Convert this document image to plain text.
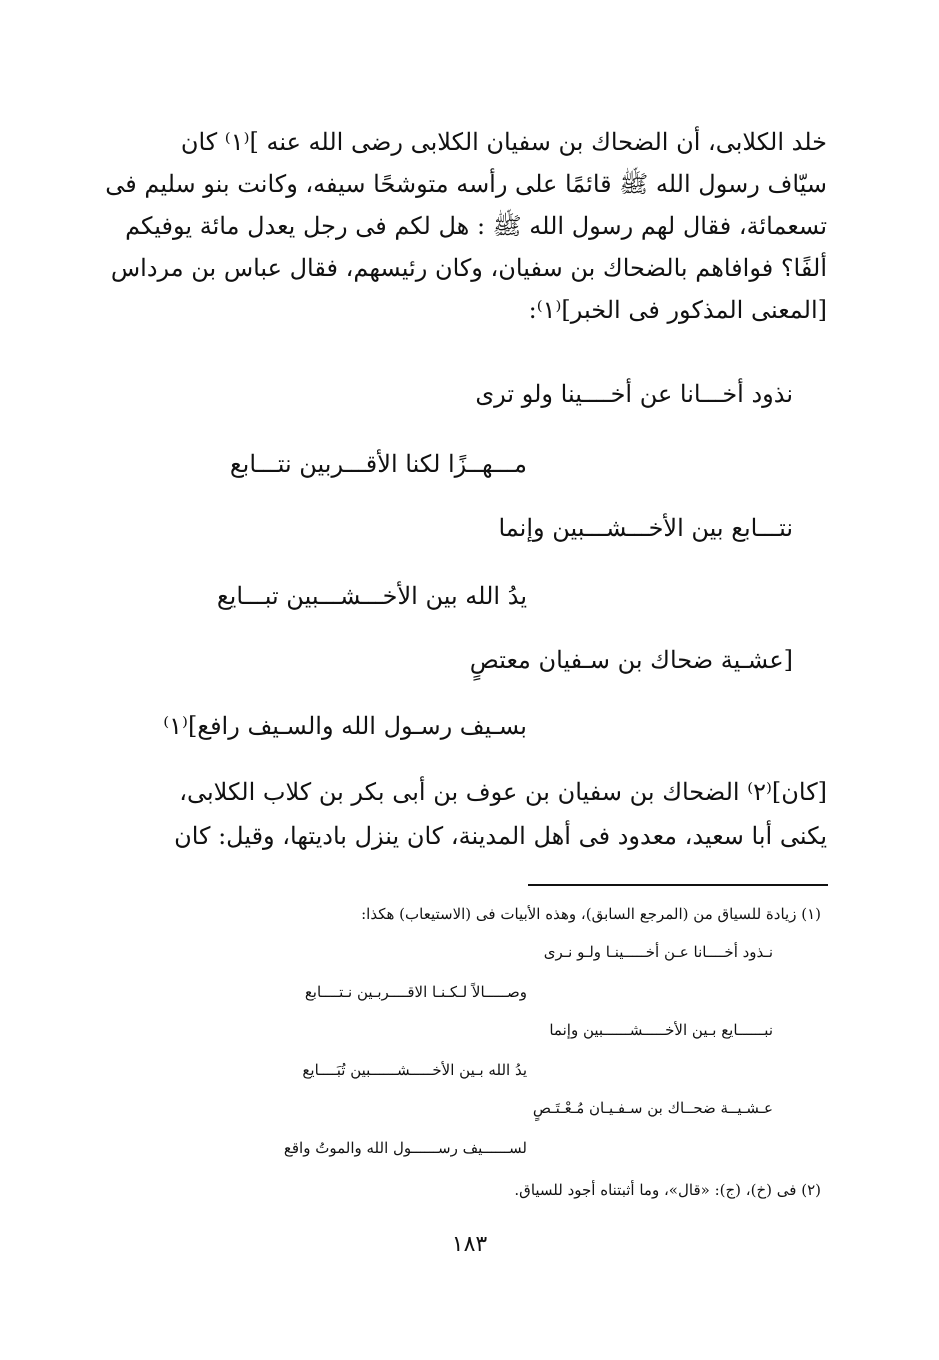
خلد الكلابى، أن الضحاك بن سفيان الكلابى رضى الله عنه ]⁽١⁾ كان
سيّاف رسول الله ﷺ قائمًا على رأسه متوشحًا سيفه، وكانت بنو سليم فى
تسعمائة، فقال لهم رسول الله ﷺ : هل لكم فى رجل يعدل مائة يوفيكم
ألفًا؟ فوافاهم بالضحاك بن سفيان، وكان رئيسهم، فقال عباس بن مرداس
[المعنى المذكور فى الخبر]⁽١⁾:
نذود أخـــانا عن أخــــينا ولو ترى
مـــهــزًا لكنا الأقـــربين نتـــابع
نتـــابع بين الأخـــشـــبين وإنما
يدُ الله بين الأخـــشـــبين تبـــايع
[عشـية ضحاك بن سـفيان معتصٍ
بسـيف رسـول الله والسـيف رافع]⁽١⁾
[كان]⁽٢⁾ الضحاك بن سفيان بن عوف بن أبى بكر بن كلاب الكلابى،
يكنى أبا سعيد، معدود فى أهل المدينة، كان ينزل باديتها، وقيل: كان
(١) زيادة للسياق من (المرجع السابق)، وهذه الأبيات فى (الاستيعاب) هكذا:
نـذود أخــــانا عـن أخـــــينـا ولـو نـرى
وصـــــالاً لـكـنـا الاقــــربـين نـتــــابع
نبــــــايع بـين الأخـــــشــــــبين وإنما
يدُ الله بـين الأخـــــشــــــبين تُبَــــايع
عـشـيــة ضحــاك بن سـفـيـان مُـعْـتَـصٍ
لســــــيف رســــــول الله والموتُ واقع
(٢) فى (خ)، (ج): «قال»، وما أثبتناه أجود للسياق.
١٨٣
